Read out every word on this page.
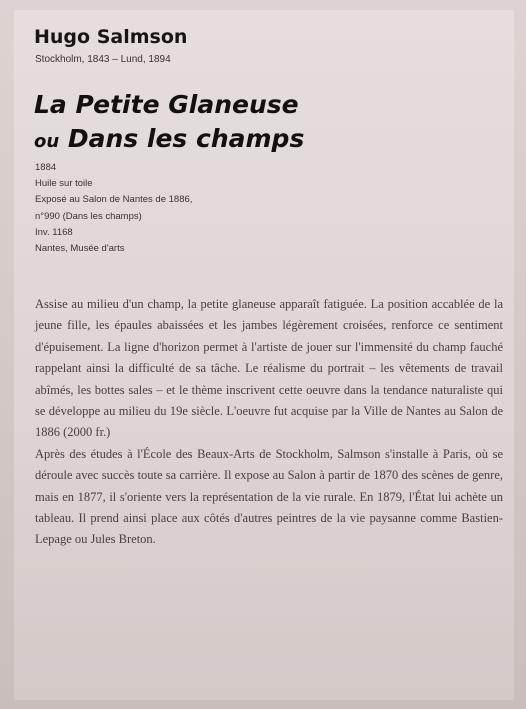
Hugo Salmson
Stockholm, 1843 – Lund, 1894
La Petite Glaneuse
ou Dans les champs
1884
Huile sur toile
Exposé au Salon de Nantes de 1886,
n°990 (Dans les champs)
Inv. 1168
Nantes, Musée d'arts

Assise au milieu d'un champ, la petite glaneuse apparaît fatiguée. La position accablée de la jeune fille, les épaules abaissées et les jambes légèrement croisées, renforce ce sentiment d'épuisement. La ligne d'horizon permet à l'artiste de jouer sur l'immensité du champ fauché rappelant ainsi la difficulté de sa tâche. Le réalisme du portrait – les vêtements de travail abîmés, les bottes sales – et le thème inscrivent cette oeuvre dans la tendance naturaliste qui se développe au milieu du 19e siècle. L'oeuvre fut acquise par la Ville de Nantes au Salon de 1886 (2000 fr.)

Après des études à l'École des Beaux-Arts de Stockholm, Salmson s'installe à Paris, où se déroule avec succès toute sa carrière. Il expose au Salon à partir de 1870 des scènes de genre, mais en 1877, il s'oriente vers la représentation de la vie rurale. En 1879, l'État lui achète un tableau. Il prend ainsi place aux côtés d'autres peintres de la vie paysanne comme Bastien-Lepage ou Jules Breton.
